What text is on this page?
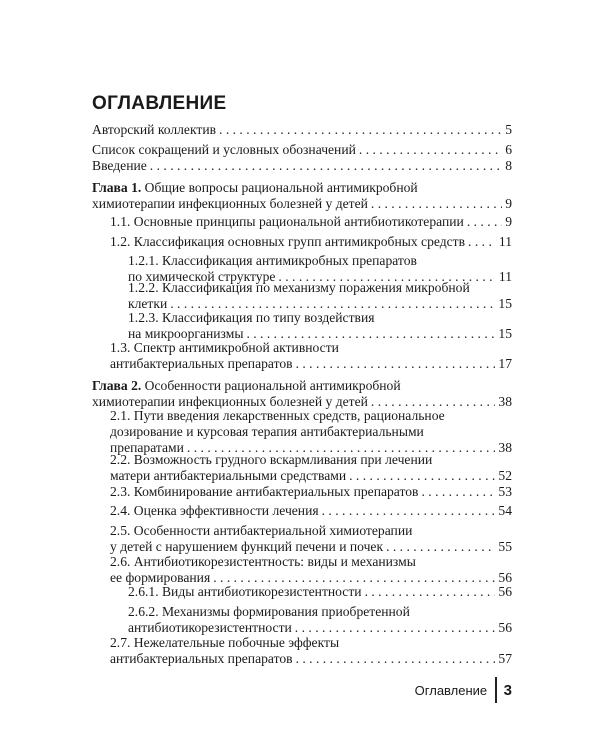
ОГЛАВЛЕНИЕ
Авторский коллектив . . .	5
Список сокращений и условных обозначений . . .	6
Введение . . .	8
Глава 1. Общие вопросы рациональной антимикробной
химиотерапии инфекционных болезней у детей . . .	9
1.1. Основные принципы рациональной антибиотикотерапии . . .	9
1.2. Классификация основных групп антимикробных средств . . . 11
1.2.1. Классификация антимикробных препаратов
по химической структуре . . .	11
1.2.2. Классификация по механизму поражения микробной
клетки . . .	15
1.2.3. Классификация по типу воздействия
на микроорганизмы . . .	15
1.3. Спектр антимикробной активности
антибактериальных препаратов . . .	17
Глава 2. Особенности рациональной антимикробной
химиотерапии инфекционных болезней у детей . . .	38
2.1. Пути введения лекарственных средств, рациональное
дозирование и курсовая терапия антибактериальными
препаратами . . .	38
2.2. Возможность грудного вскармливания при лечении
матери антибактериальными средствами . . .	52
2.3. Комбинирование антибактериальных препаратов . . .	53
2.4. Оценка эффективности лечения . . .	54
2.5. Особенности антибактериальной химиотерапии
у детей с нарушением функций печени и почек . . .	55
2.6. Антибиотикорезистентность: виды и механизмы
ее формирования . . .	56
2.6.1. Виды антибиотикорезистентности . . .	56
2.6.2. Механизмы формирования приобретенной
антибиотикорезистентности . . .	56
2.7. Нежелательные побочные эффекты
антибактериальных препаратов . . .	57
Оглавление 3
